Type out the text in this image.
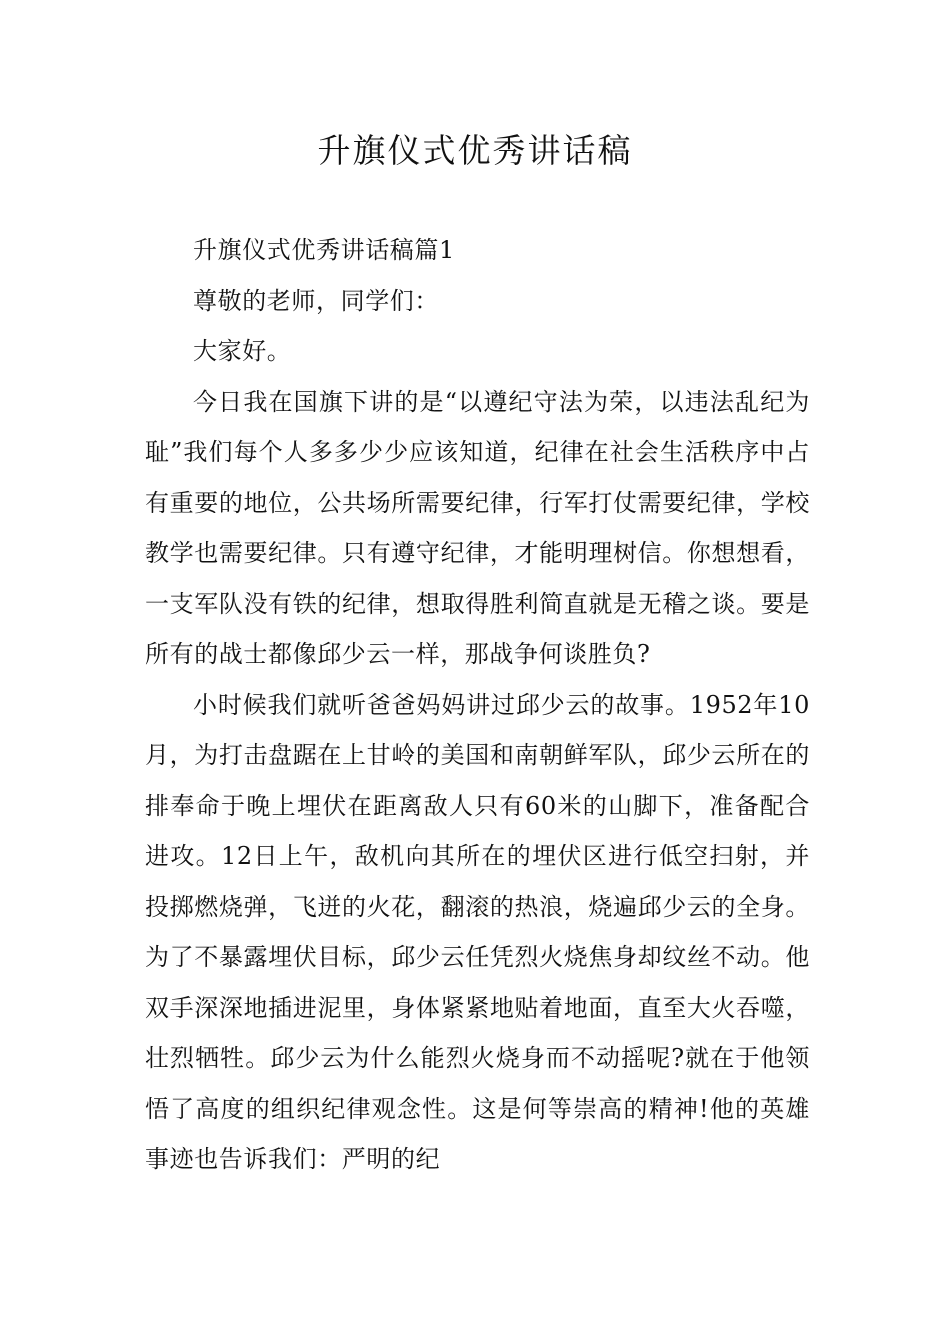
升旗仪式优秀讲话稿

升旗仪式优秀讲话稿篇1

尊敬的老师，同学们：

大家好。

今日我在国旗下讲的是“以遵纪守法为荣，以违法乱纪为耻”我们每个人多多少少应该知道，纪律在社会生活秩序中占有重要的地位，公共场所需要纪律，行军打仗需要纪律，学校教学也需要纪律。只有遵守纪律，才能明理树信。你想想看，一支军队没有铁的纪律，想取得胜利简直就是无稽之谈。要是所有的战士都像邱少云一样，那战争何谈胜负?

小时候我们就听爸爸妈妈讲过邱少云的故事。1952年10月，为打击盘踞在上甘岭的美国和南朝鲜军队，邱少云所在的排奉命于晚上埋伏在距离敌人只有60米的山脚下，准备配合进攻。12日上午，敌机向其所在的埋伏区进行低空扫射，并投掷燃烧弹，飞迸的火花，翻滚的热浪，烧遍邱少云的全身。为了不暴露埋伏目标，邱少云任凭烈火烧焦身却纹丝不动。他双手深深地插进泥里，身体紧紧地贴着地面，直至大火吞噬，壮烈牺牲。邱少云为什么能烈火烧身而不动摇呢?就在于他领悟了高度的组织纪律观念性。这是何等崇高的精神!他的英雄事迹也告诉我们：严明的纪
